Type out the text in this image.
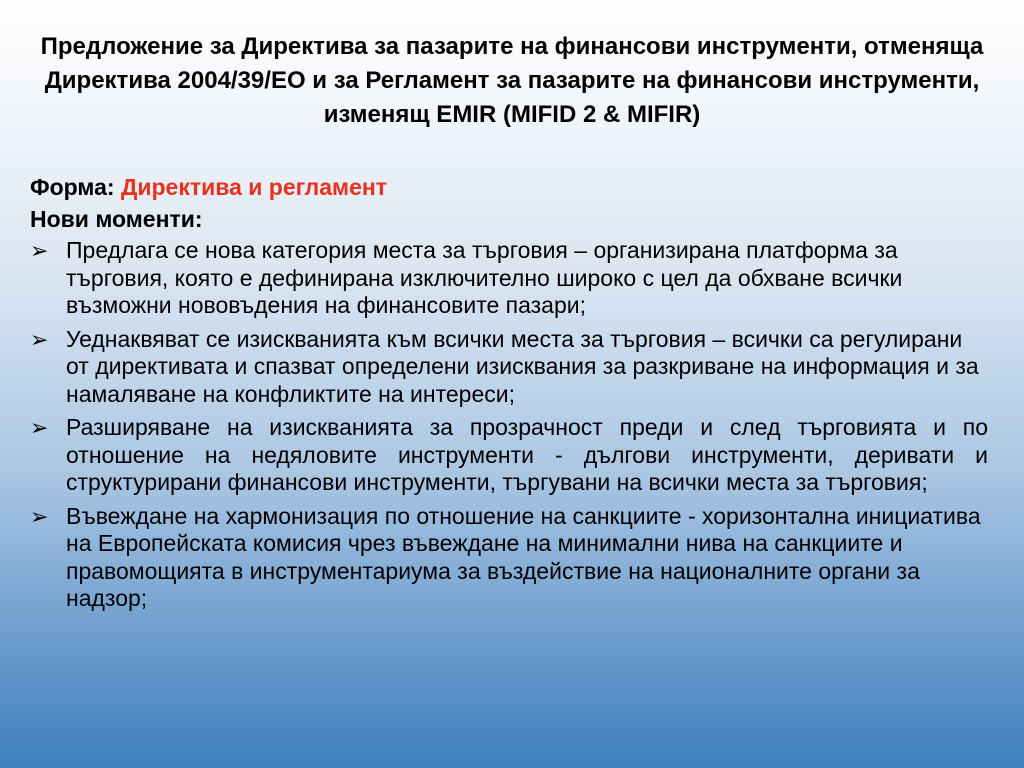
Предложение за Директива за пазарите на финансови инструменти, отменяща Директива 2004/39/ЕО и за Регламент за пазарите на финансови инструменти, изменящ EMIR (MIFID 2 & MIFIR)

Форма: Директива и регламент

Нови моменти:

➢ Предлага се нова категория места за търговия – организирана платформа за търговия, която е дефинирана изключително широко с цел да обхване всички възможни нововъдения на финансовите пазари;
➢ Уеднаквяват се изискванията към всички места за търговия – всички са регулирани от директивата и спазват определени изисквания за разкриване на информация и за намаляване на конфликтите на интереси;
➢ Разширяване на изискванията за прозрачност преди и след търговията и по отношение на недяловите инструменти - дългови инструменти, деривати и структурирани финансови инструменти, търгувани на всички места за търговия;
➢ Въвеждане на хармонизация по отношение на санкциите - хоризонтална инициатива на Европейската комисия чрез въвеждане на минимални нива на санкциите и правомощията в инструментариума за въздействие на националните органи за надзор;
